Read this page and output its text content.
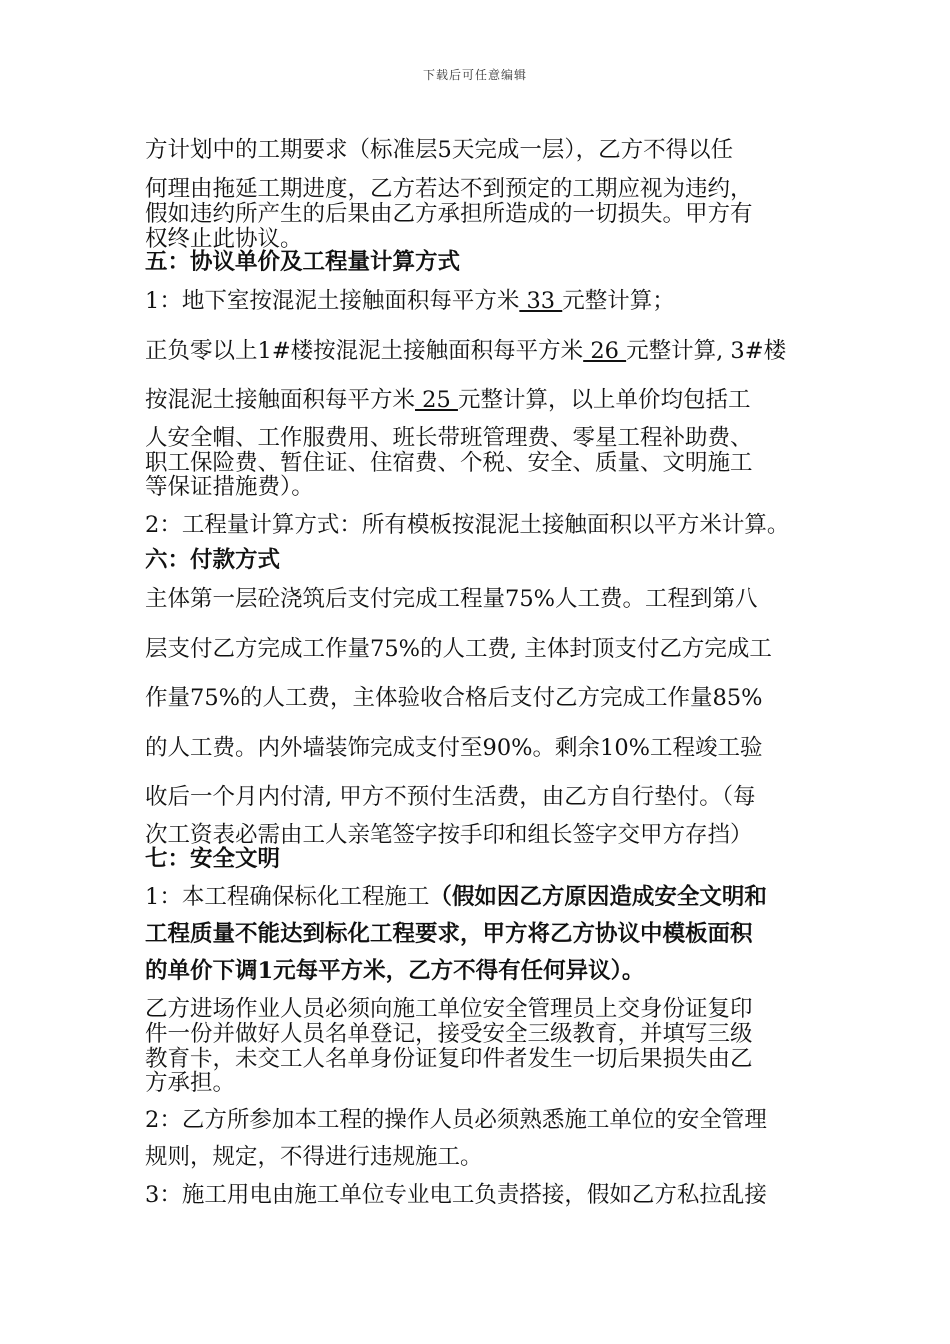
下载后可任意编辑
方计划中的工期要求（标准层5天完成一层），乙方不得以任
何理由拖延工期进度，乙方若达不到预定的工期应视为违约，
假如违约所产生的后果由乙方承担所造成的一切损失。甲方有
权终止此协议。
五：协议单价及工程量计算方式
1：地下室按混泥土接触面积每平方米 33 元整计算；
正负零以上1#楼按混泥土接触面积每平方米 26 元整计算, 3#楼
按混泥土接触面积每平方米 25 元整计算，以上单价均包括工
人安全帽、工作服费用、班长带班管理费、零星工程补助费、
职工保险费、暂住证、住宿费、个税、安全、质量、文明施工
等保证措施费）。
2：工程量计算方式：所有模板按混泥土接触面积以平方米计算。
六：付款方式
主体第一层砼浇筑后支付完成工程量75%人工费。工程到第八
层支付乙方完成工作量75%的人工费, 主体封顶支付乙方完成工
作量75%的人工费，主体验收合格后支付乙方完成工作量85%
的人工费。内外墙装饰完成支付至90%。剩余10%工程竣工验
收后一个月内付清, 甲方不预付生活费，由乙方自行垫付。（每
次工资表必需由工人亲笔签字按手印和组长签字交甲方存挡）
七：安全文明
1：本工程确保标化工程施工（假如因乙方原因造成安全文明和
工程质量不能达到标化工程要求，甲方将乙方协议中模板面积
的单价下调1元每平方米，乙方不得有任何异议）。
乙方进场作业人员必须向施工单位安全管理员上交身份证复印
件一份并做好人员名单登记，接受安全三级教育，并填写三级
教育卡，未交工人名单身份证复印件者发生一切后果损失由乙
方承担。
2：乙方所参加本工程的操作人员必须熟悉施工单位的安全管理
规则，规定，不得进行违规施工。
3：施工用电由施工单位专业电工负责搭接，假如乙方私拉乱接
